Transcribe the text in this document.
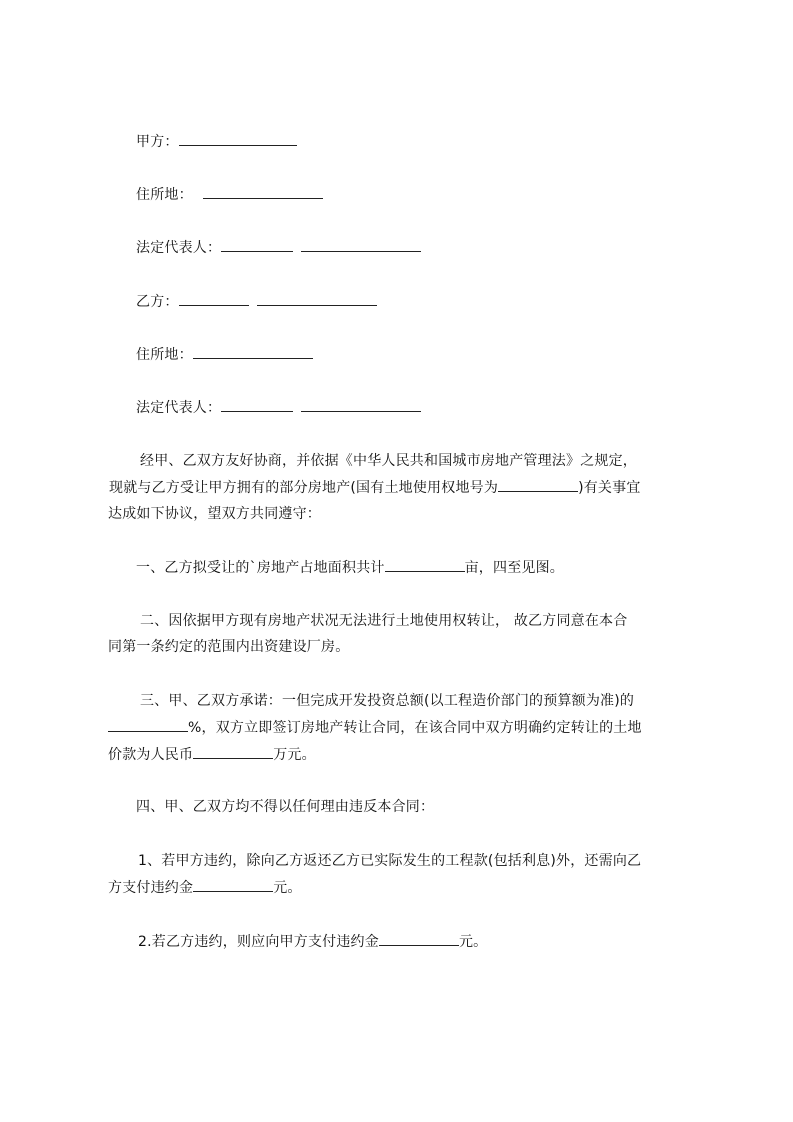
甲方：
住所地：
法定代表人：
乙方：
住所地：
法定代表人：
经甲、乙双方友好协商，并依据《中华人民共和国城市房地产管理法》之规定，
现就与乙方受让甲方拥有的部分房地产(国有土地使用权地号为	)有关事宜
达成如下协议，望双方共同遵守：
一、乙方拟受让的`房地产占地面积共计	亩，四至见图。
二、因依据甲方现有房地产状况无法进行土地使用权转让， 故乙方同意在本合
同第一条约定的范围内出资建设厂房。
三、甲、乙双方承诺：一但完成开发投资总额(以工程造价部门的预算额为准)的
%，双方立即签订房地产转让合同，在该合同中双方明确约定转让的土地
价款为人民币	万元。
四、甲、乙双方均不得以任何理由违反本合同：
1、若甲方违约，除向乙方返还乙方已实际发生的工程款(包括利息)外，还需向乙
方支付违约金	元。
2.若乙方违约，则应向甲方支付违约金	元。
